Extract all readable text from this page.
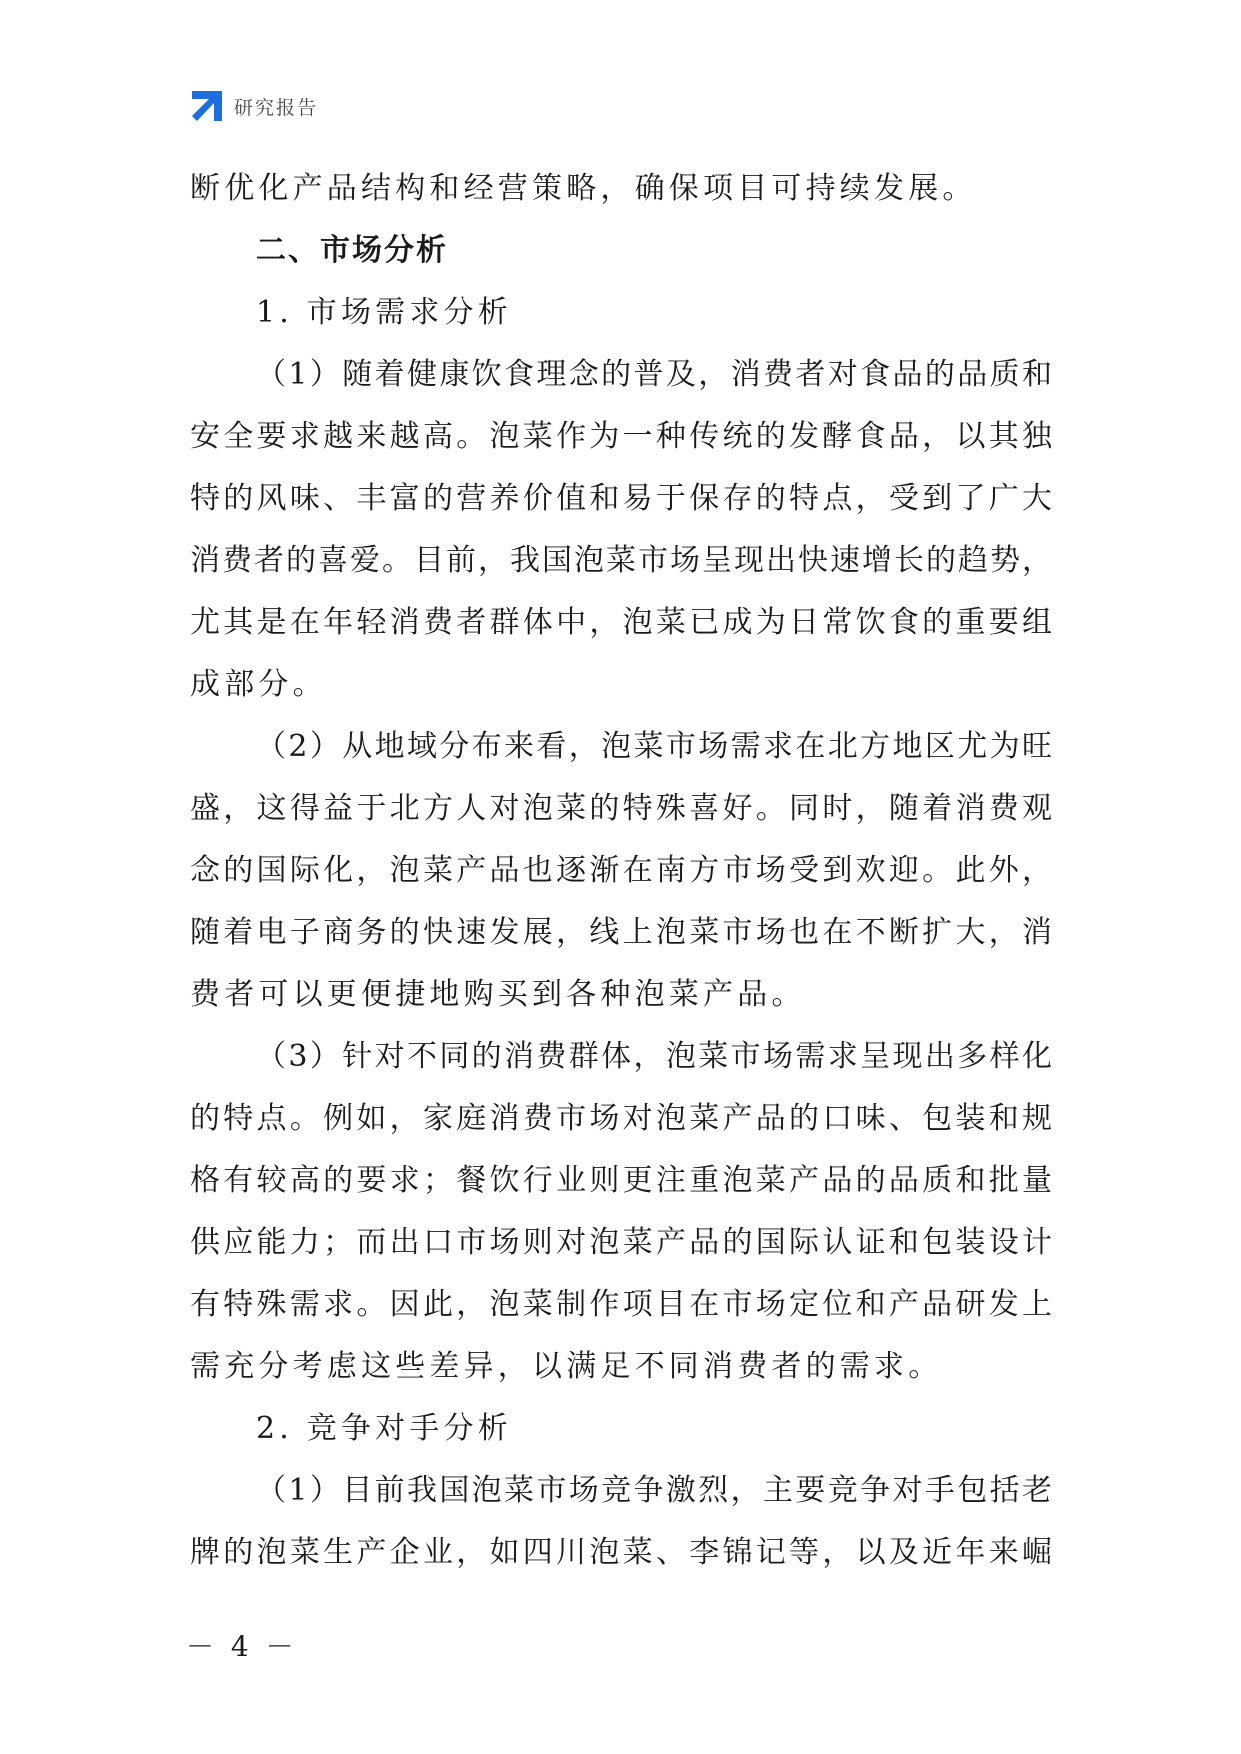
研究报告
断优化产品结构和经营策略，确保项目可持续发展。
二、市场分析
1. 市场需求分析
（1）随着健康饮食理念的普及，消费者对食品的品质和
安全要求越来越高。泡菜作为一种传统的发酵食品，以其独
特的风味、丰富的营养价值和易于保存的特点，受到了广大
消费者的喜爱。目前，我国泡菜市场呈现出快速增长的趋势，
尤其是在年轻消费者群体中，泡菜已成为日常饮食的重要组
成部分。
（2）从地域分布来看，泡菜市场需求在北方地区尤为旺
盛，这得益于北方人对泡菜的特殊喜好。同时，随着消费观
念的国际化，泡菜产品也逐渐在南方市场受到欢迎。此外，
随着电子商务的快速发展，线上泡菜市场也在不断扩大，消
费者可以更便捷地购买到各种泡菜产品。
（3）针对不同的消费群体，泡菜市场需求呈现出多样化
的特点。例如，家庭消费市场对泡菜产品的口味、包装和规
格有较高的要求；餐饮行业则更注重泡菜产品的品质和批量
供应能力；而出口市场则对泡菜产品的国际认证和包装设计
有特殊需求。因此，泡菜制作项目在市场定位和产品研发上
需充分考虑这些差异，以满足不同消费者的需求。
2. 竞争对手分析
（1）目前我国泡菜市场竞争激烈，主要竞争对手包括老
牌的泡菜生产企业，如四川泡菜、李锦记等，以及近年来崛
－ 4 －
